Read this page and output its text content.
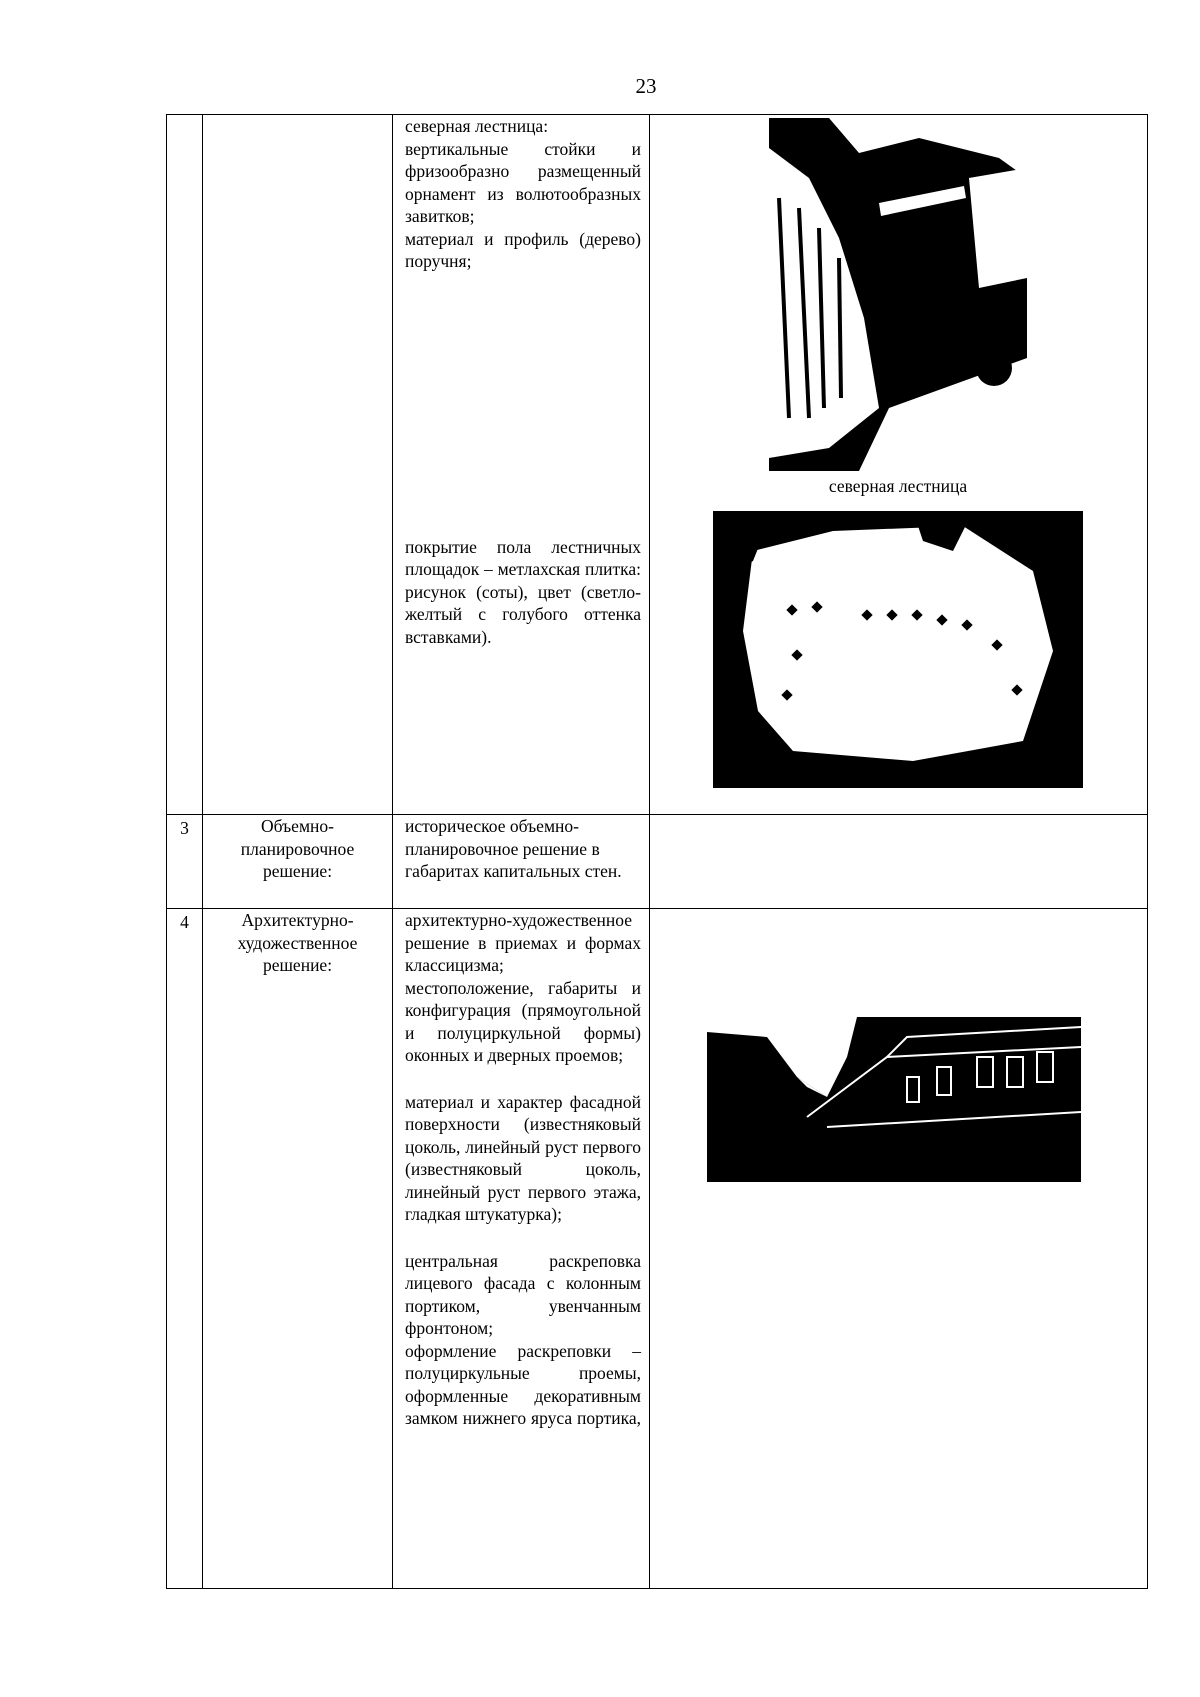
23

		северная лестница:

вертикальные стойки и фризообразно размещенный орнамент из волютообразных завитков;

материал и профиль (дерево) поручня;

покрытие пола лестничных площадок – метлахская плитка: рисунок (соты), цвет (светло-желтый с голубого оттенка вставками).	северная лестница

3	Объемно-планировочное решение:	историческое объемно-планировочное решение в габаритах капитальных стен.	

4	Архитектурно-художественное решение:	архитектурно-художественное решение в приемах и формах классицизма;

местоположение, габариты и конфигурация (прямоугольной и полуциркульной формы) оконных и дверных проемов;

материал и характер фасадной поверхности (известняковый цоколь, линейный руст первого (известняковый цоколь, линейный руст первого этажа, гладкая штукатурка);

центральная раскреповка лицевого фасада с колонным портиком, увенчанным фронтоном;

оформление раскреповки – полуциркульные проемы, оформленные декоративным замком нижнего яруса портика,
